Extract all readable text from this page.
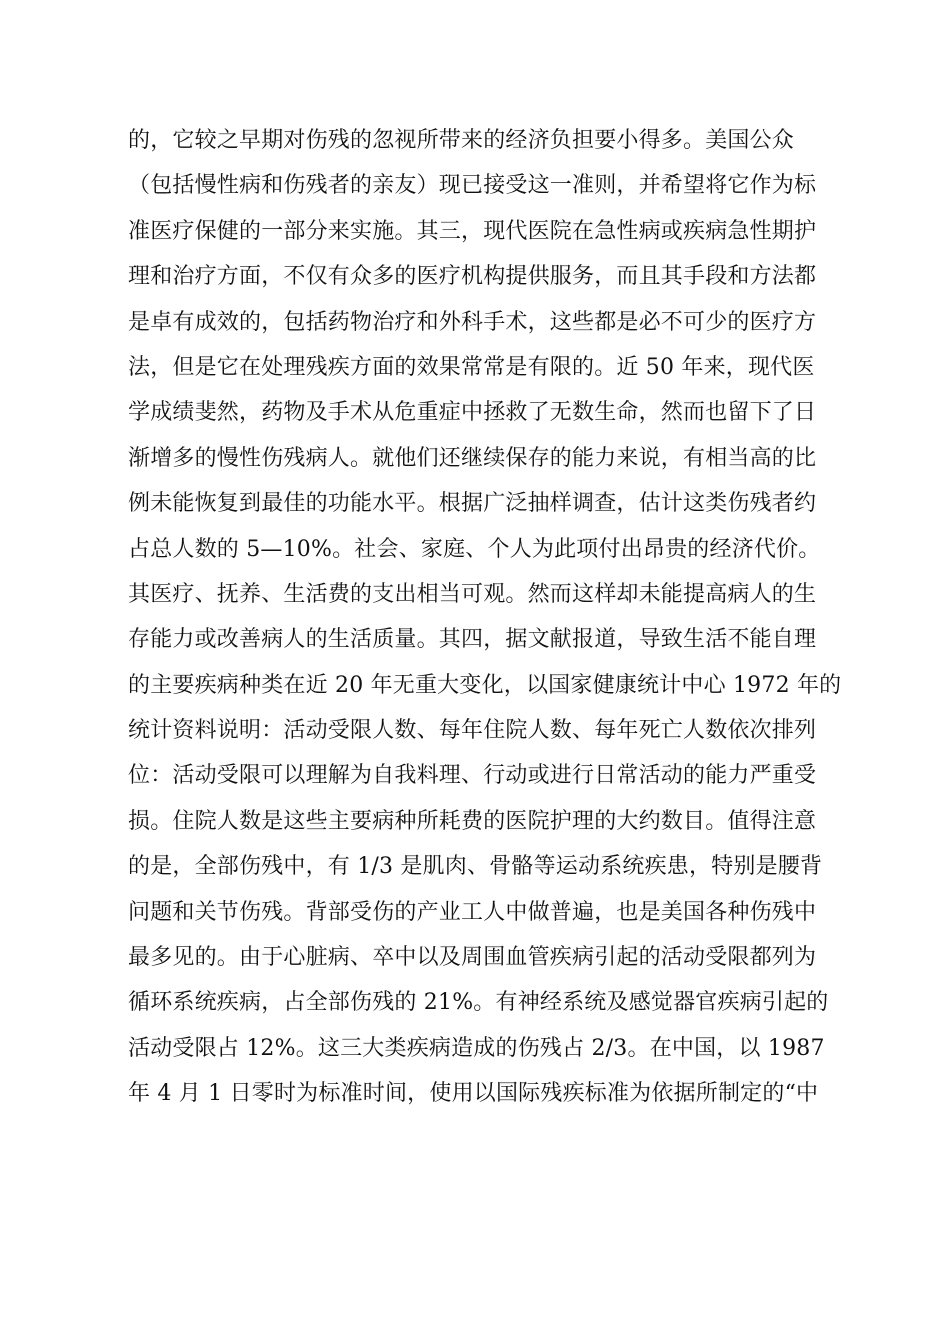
的，它较之早期对伤残的忽视所带来的经济负担要小得多。美国公众
（包括慢性病和伤残者的亲友）现已接受这一准则，并希望将它作为标
准医疗保健的一部分来实施。其三，现代医院在急性病或疾病急性期护
理和治疗方面，不仅有众多的医疗机构提供服务，而且其手段和方法都
是卓有成效的，包括药物治疗和外科手术，这些都是必不可少的医疗方
法，但是它在处理残疾方面的效果常常是有限的。近 50 年来，现代医
学成绩斐然，药物及手术从危重症中拯救了无数生命，然而也留下了日
渐增多的慢性伤残病人。就他们还继续保存的能力来说，有相当高的比
例未能恢复到最佳的功能水平。根据广泛抽样调查，估计这类伤残者约
占总人数的 5—10%。社会、家庭、个人为此项付出昂贵的经济代价。
其医疗、抚养、生活费的支出相当可观。然而这样却未能提高病人的生
存能力或改善病人的生活质量。其四，据文献报道，导致生活不能自理
的主要疾病种类在近 20 年无重大变化，以国家健康统计中心 1972 年的
统计资料说明：活动受限人数、每年住院人数、每年死亡人数依次排列
位：活动受限可以理解为自我料理、行动或进行日常活动的能力严重受
损。住院人数是这些主要病种所耗费的医院护理的大约数目。值得注意
的是，全部伤残中，有 1/3 是肌肉、骨骼等运动系统疾患，特别是腰背
问题和关节伤残。背部受伤的产业工人中做普遍，也是美国各种伤残中
最多见的。由于心脏病、卒中以及周围血管疾病引起的活动受限都列为
循环系统疾病，占全部伤残的 21%。有神经系统及感觉器官疾病引起的
活动受限占 12%。这三大类疾病造成的伤残占 2/3。在中国，以 1987
年 4 月 1 日零时为标准时间，使用以国际残疾标准为依据所制定的“中
